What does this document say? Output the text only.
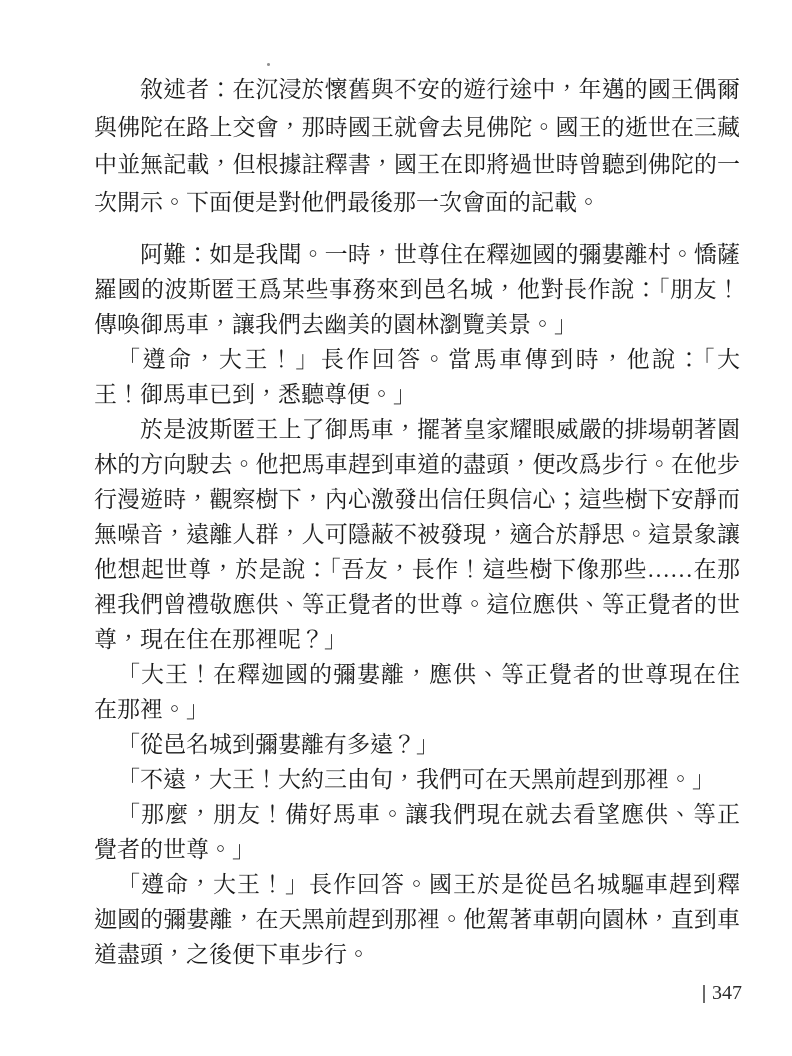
敘述者：在沉浸於懷舊與不安的遊行途中，年邁的國王偶爾
與佛陀在路上交會，那時國王就會去見佛陀。國王的逝世在三藏
中並無記載，但根據註釋書，國王在即將過世時曾聽到佛陀的一
次開示。下面便是對他們最後那一次會面的記載。
阿難：如是我聞。一時，世尊住在釋迦國的彌婁離村。憍薩
羅國的波斯匿王爲某些事務來到邑名城，他對長作說：「朋友！
傳喚御馬車，讓我們去幽美的園林瀏覽美景。」
「遵命，大王！」長作回答。當馬車傳到時，他說：「大
王！御馬車已到，悉聽尊便。」
於是波斯匿王上了御馬車，擺著皇家耀眼威嚴的排場朝著園
林的方向駛去。他把馬車趕到車道的盡頭，便改爲步行。在他步
行漫遊時，觀察樹下，內心激發出信任與信心；這些樹下安靜而
無噪音，遠離人群，人可隱蔽不被發現，適合於靜思。這景象讓
他想起世尊，於是說：「吾友，長作！這些樹下像那些……在那
裡我們曾禮敬應供、等正覺者的世尊。這位應供、等正覺者的世
尊，現在住在那裡呢？」
「大王！在釋迦國的彌婁離，應供、等正覺者的世尊現在住
在那裡。」
「從邑名城到彌婁離有多遠？」
「不遠，大王！大約三由旬，我們可在天黑前趕到那裡。」
「那麼，朋友！備好馬車。讓我們現在就去看望應供、等正
覺者的世尊。」
「遵命，大王！」長作回答。國王於是從邑名城驅車趕到釋
迦國的彌婁離，在天黑前趕到那裡。他駕著車朝向園林，直到車
道盡頭，之後便下車步行。
347
